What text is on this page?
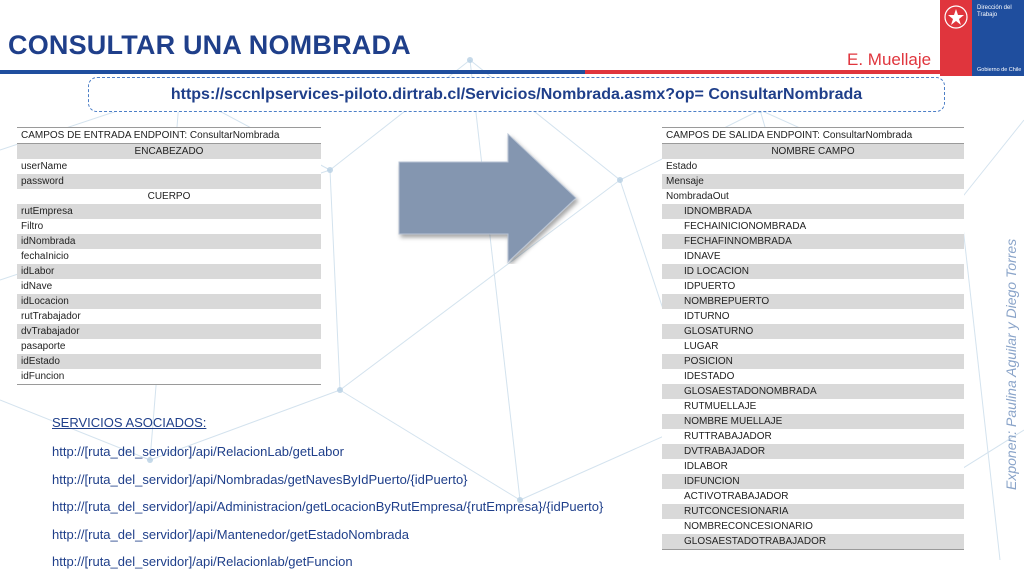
CONSULTAR UNA NOMBRADA	E. Muellaje
Dirección del
Trabajo
Gobierno de Chile
https://sccnlpservices-piloto.dirtrab.cl/Servicios/Nombrada.asmx?op= ConsultarNombrada
CAMPOS DE ENTRADA ENDPOINT: ConsultarNombrada
ENCABEZADO
userName
password
CUERPO
rutEmpresa
Filtro
idNombrada
fechaInicio
idLabor
idNave
idLocacion
rutTrabajador
dvTrabajador
pasaporte
idEstado
idFuncion
CAMPOS DE SALIDA ENDPOINT: ConsultarNombrada
NOMBRE CAMPO
Estado
Mensaje
NombradaOut
IDNOMBRADA
FECHAINICIONOMBRADA
FECHAFINNOMBRADA
IDNAVE
ID LOCACION
IDPUERTO
NOMBREPUERTO
IDTURNO
GLOSATURNO
LUGAR
POSICION
IDESTADO
GLOSAESTADONOMBRADA
RUTMUELLAJE
NOMBRE MUELLAJE
RUTTRABAJADOR
DVTRABAJADOR
IDLABOR
IDFUNCION
ACTIVOTRABAJADOR
RUTCONCESIONARIA
NOMBRECONCESIONARIO
GLOSAESTADOTRABAJADOR
SERVICIOS ASOCIADOS:
http://[ruta_del_servidor]/api/RelacionLab/getLabor
http://[ruta_del_servidor]/api/Nombradas/getNavesByIdPuerto/{idPuerto}
http://[ruta_del_servidor]/api/Administracion/getLocacionByRutEmpresa/{rutEmpresa}/{idPuerto}
http://[ruta_del_servidor]/api/Mantenedor/getEstadoNombrada
http://[ruta_del_servidor]/api/Relacionlab/getFuncion
Exponen: Paulina Aguilar y Diego Torres
